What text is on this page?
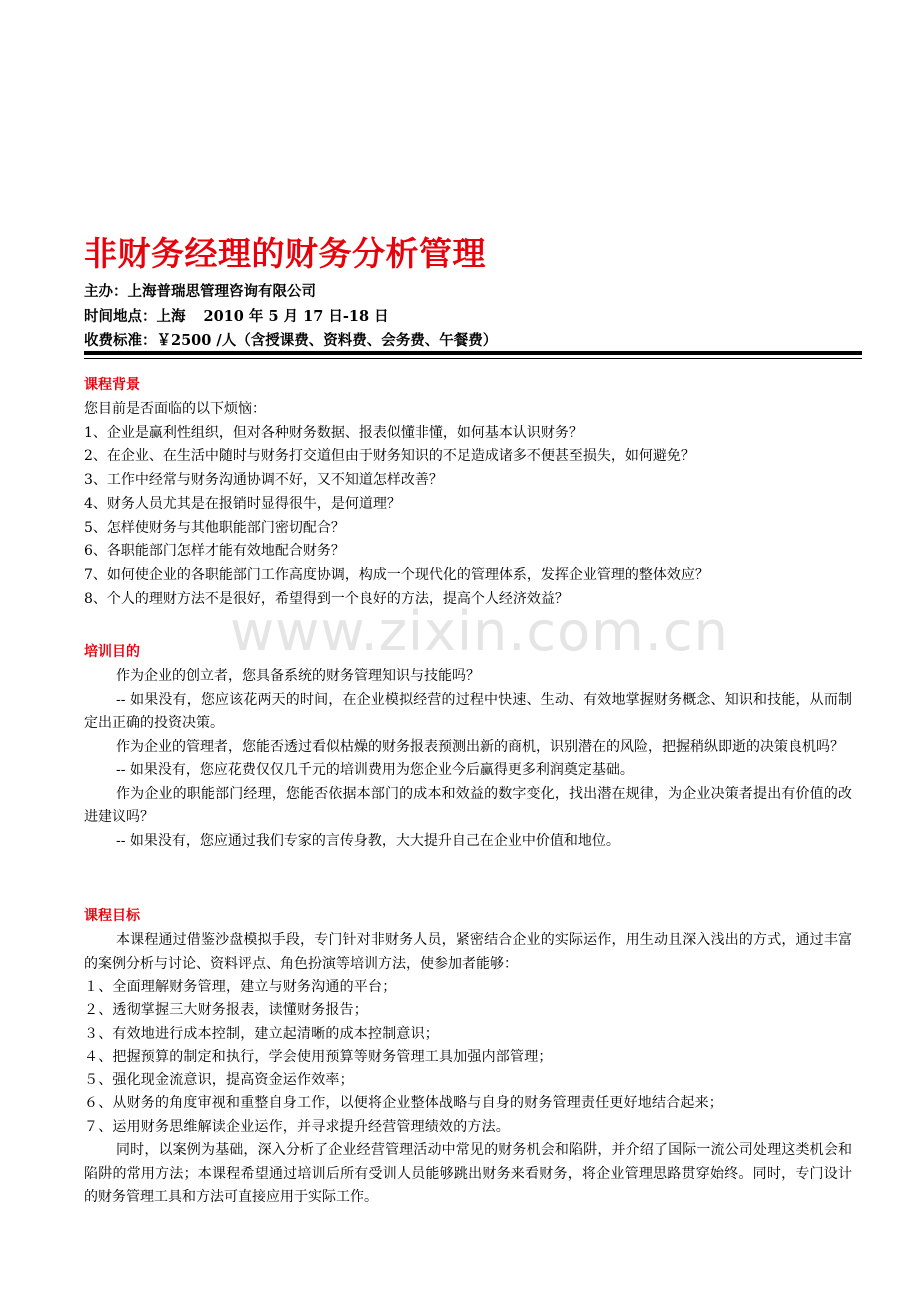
非财务经理的财务分析管理

主办：上海普瑞思管理咨询有限公司

时间地点：上海 2010 年 5 月 17 日-18 日

收费标准：￥2500 /人（含授课费、资料费、会务费、午餐费）

课程背景

您目前是否面临的以下烦恼：

1、企业是赢利性组织，但对各种财务数据、报表似懂非懂，如何基本认识财务？

2、在企业、在生活中随时与财务打交道但由于财务知识的不足造成诸多不便甚至损失，如何避免？

3、工作中经常与财务沟通协调不好，又不知道怎样改善？

4、财务人员尤其是在报销时显得很牛，是何道理？

5、怎样使财务与其他职能部门密切配合？

6、各职能部门怎样才能有效地配合财务？

7、如何使企业的各职能部门工作高度协调，构成一个现代化的管理体系，发挥企业管理的整体效应？

8、个人的理财方法不是很好，希望得到一个良好的方法，提高个人经济效益？

培训目的

作为企业的创立者，您具备系统的财务管理知识与技能吗？

-- 如果没有，您应该花两天的时间，在企业模拟经营的过程中快速、生动、有效地掌握财务概念、知识和技能，从而制定出正确的投资决策。

作为企业的管理者，您能否透过看似枯燥的财务报表预测出新的商机，识别潜在的风险，把握稍纵即逝的决策良机吗？

-- 如果没有，您应花费仅仅几千元的培训费用为您企业今后赢得更多利润奠定基础。

作为企业的职能部门经理，您能否依据本部门的成本和效益的数字变化，找出潜在规律，为企业决策者提出有价值的改进建议吗？

-- 如果没有，您应通过我们专家的言传身教，大大提升自己在企业中价值和地位。

课程目标

本课程通过借鉴沙盘模拟手段，专门针对非财务人员，紧密结合企业的实际运作，用生动且深入浅出的方式，通过丰富的案例分析与讨论、资料评点、角色扮演等培训方法，使参加者能够：

１、全面理解财务管理，建立与财务沟通的平台；

２、透彻掌握三大财务报表，读懂财务报告；

３、有效地进行成本控制，建立起清晰的成本控制意识；

４、把握预算的制定和执行，学会使用预算等财务管理工具加强内部管理；

５、强化现金流意识，提高资金运作效率；

６、从财务的角度审视和重整自身工作，以便将企业整体战略与自身的财务管理责任更好地结合起来；

７、运用财务思维解读企业运作，并寻求提升经营管理绩效的方法。

同时，以案例为基础，深入分析了企业经营管理活动中常见的财务机会和陷阱，并介绍了国际一流公司处理这类机会和陷阱的常用方法；本课程希望通过培训后所有受训人员能够跳出财务来看财务，将企业管理思路贯穿始终。同时，专门设计的财务管理工具和方法可直接应用于实际工作。

www.zixin.com.cn
